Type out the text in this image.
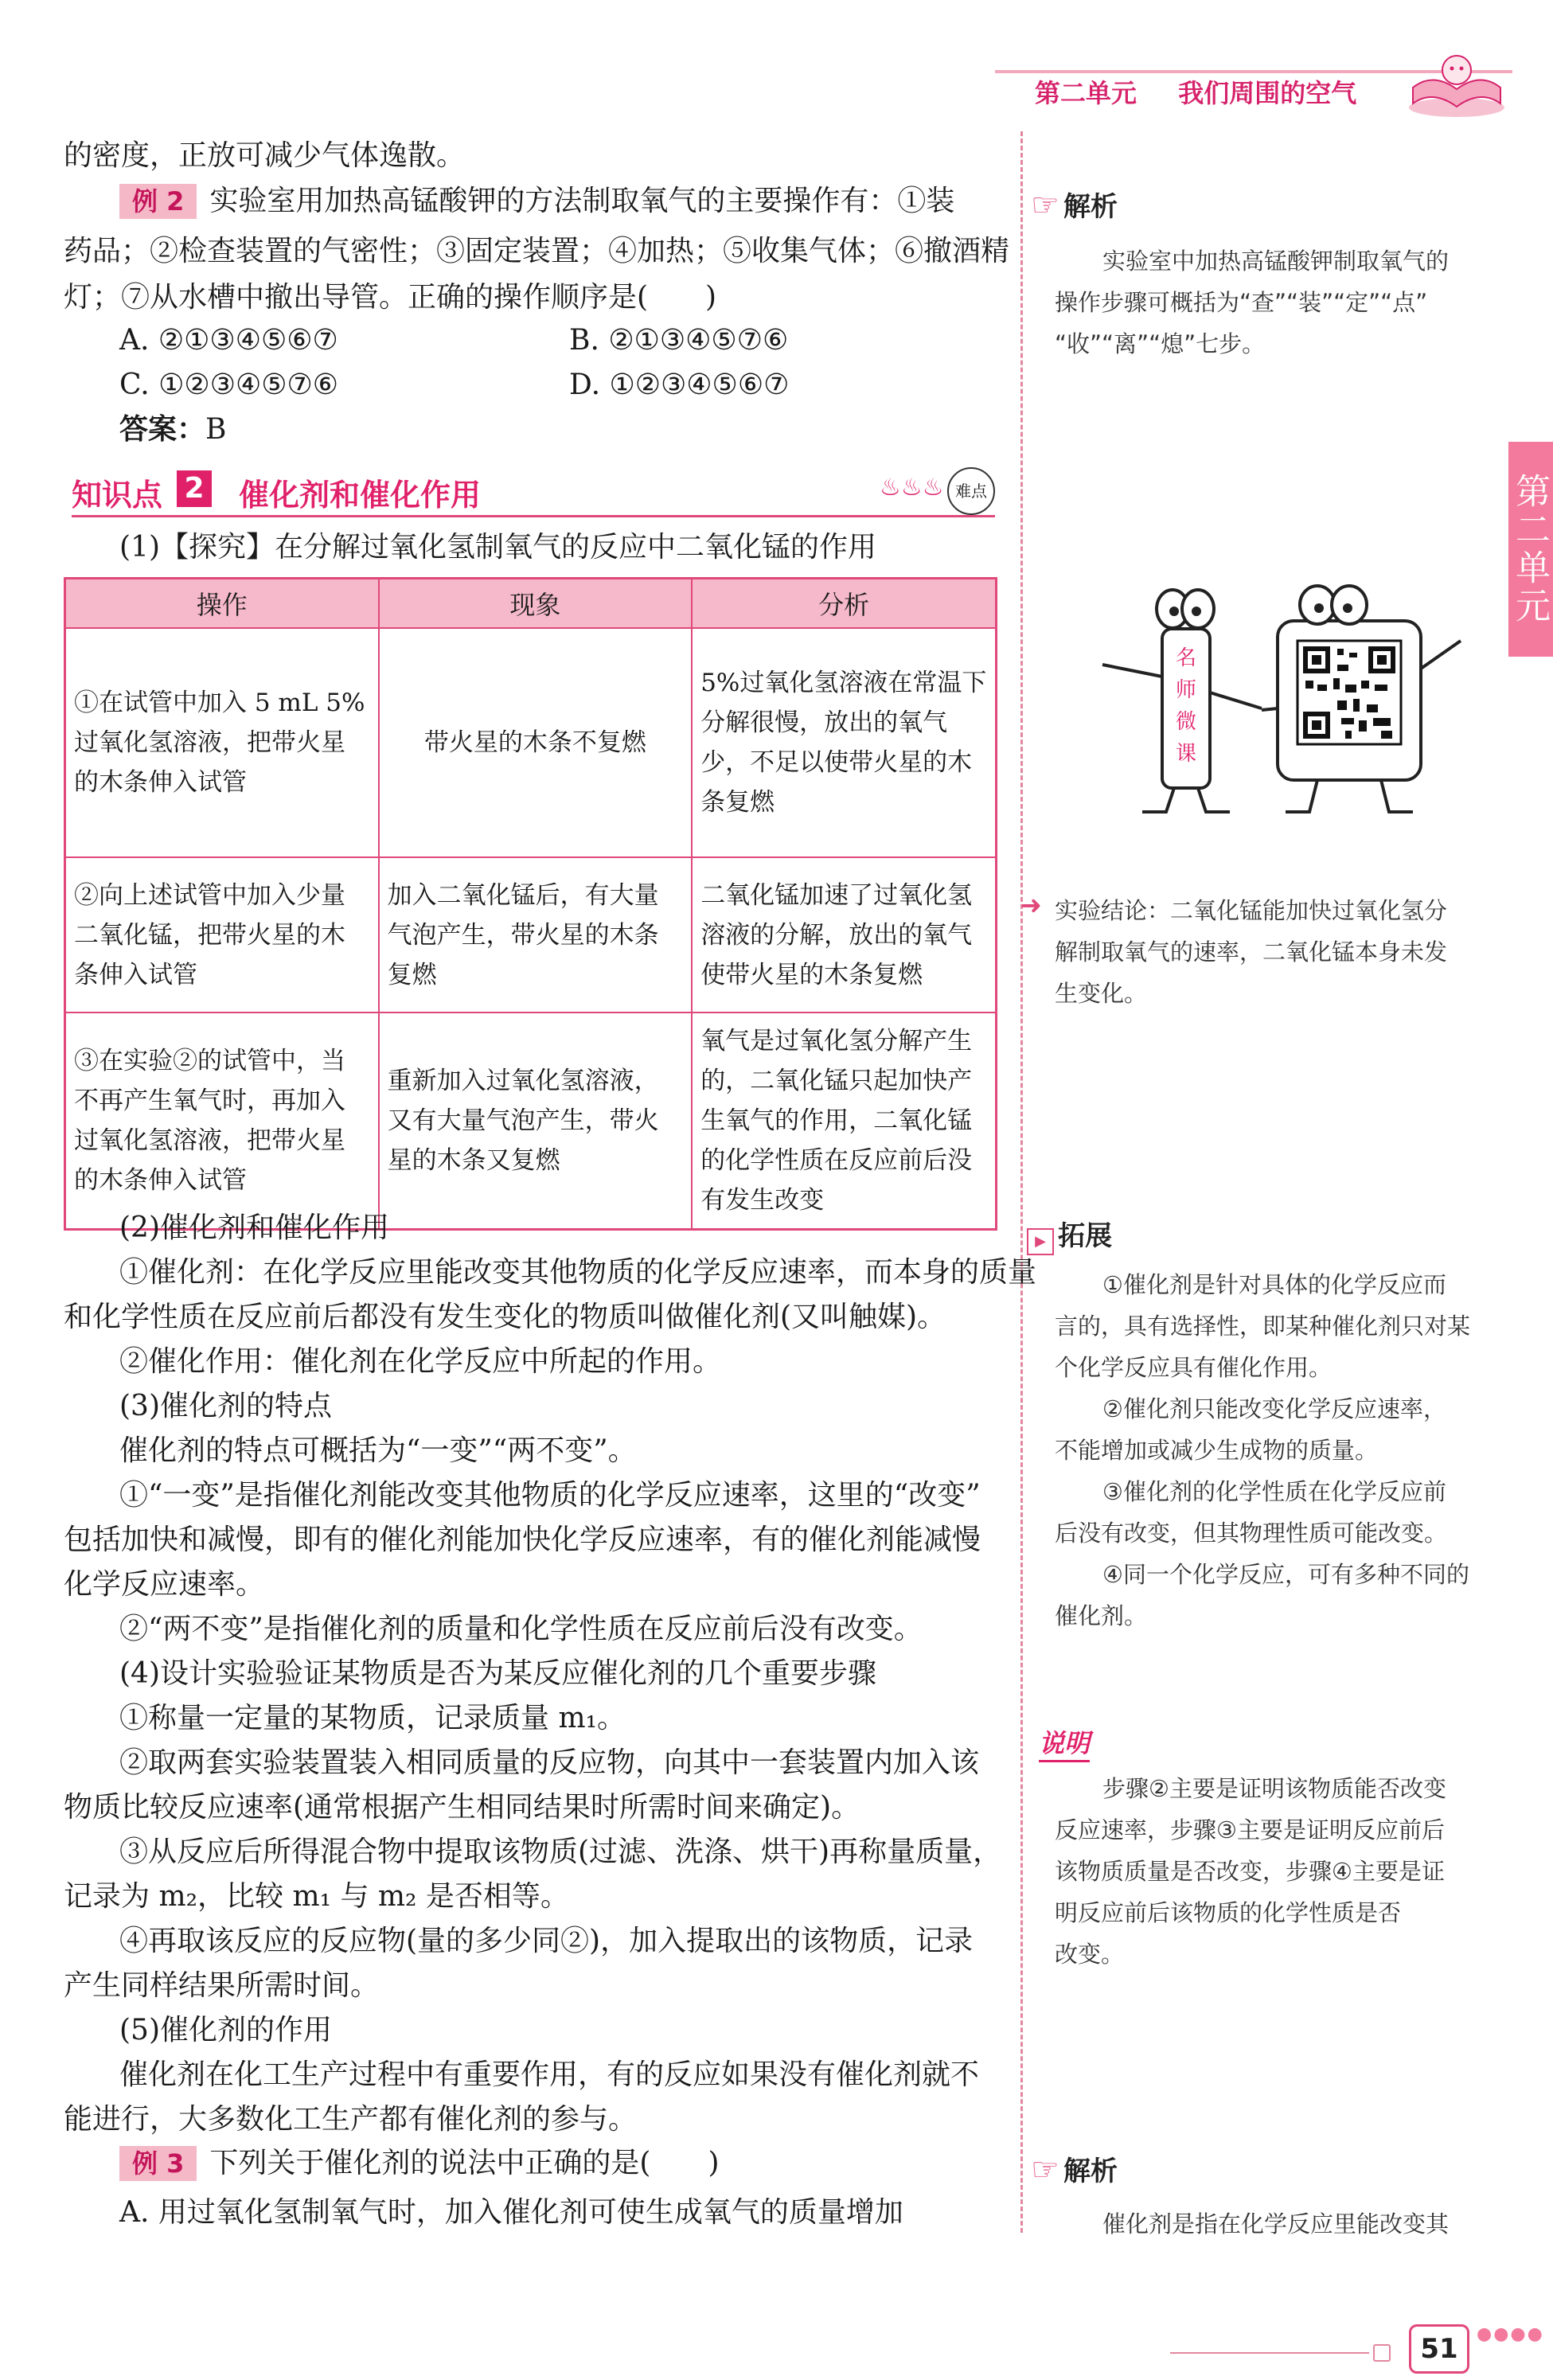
第二单元 我们周围的空气
第二单元
的密度，正放可减少气体逸散。
例 2 实验室用加热高锰酸钾的方法制取氧气的主要操作有：①装
药品；②检查装置的气密性；③固定装置；④加热；⑤收集气体；⑥撤酒精
灯；⑦从水槽中撤出导管。正确的操作顺序是(　　)
A. ②①③④⑤⑥⑦	B. ②①③④⑤⑦⑥
C. ①②③④⑤⑦⑥	D. ①②③④⑤⑥⑦
答案：B
知识点 2 催化剂和催化作用	♨♨♨ 难点
(1)【探究】在分解过氧化氢制氧气的反应中二氧化锰的作用
操作	现象	分析
①在试管中加入 5 mL 5%过氧化氢溶液，把带火星的木条伸入试管	带火星的木条不复燃	5%过氧化氢溶液在常温下分解很慢，放出的氧气少，不足以使带火星的木条复燃
②向上述试管中加入少量二氧化锰，把带火星的木条伸入试管	加入二氧化锰后，有大量气泡产生，带火星的木条复燃	二氧化锰加速了过氧化氢溶液的分解，放出的氧气使带火星的木条复燃
③在实验②的试管中，当不再产生氧气时，再加入过氧化氢溶液，把带火星的木条伸入试管	重新加入过氧化氢溶液，又有大量气泡产生，带火星的木条又复燃	氧气是过氧化氢分解产生的，二氧化锰只起加快产生氧气的作用，二氧化锰的化学性质在反应前后没有发生改变
(2)催化剂和催化作用
①催化剂：在化学反应里能改变其他物质的化学反应速率，而本身的质量
和化学性质在反应前后都没有发生变化的物质叫做催化剂(又叫触媒)。
②催化作用：催化剂在化学反应中所起的作用。
(3)催化剂的特点
催化剂的特点可概括为“一变”“两不变”。
①“一变”是指催化剂能改变其他物质的化学反应速率，这里的“改变”
包括加快和减慢，即有的催化剂能加快化学反应速率，有的催化剂能减慢
化学反应速率。
②“两不变”是指催化剂的质量和化学性质在反应前后没有改变。
(4)设计实验验证某物质是否为某反应催化剂的几个重要步骤
①称量一定量的某物质，记录质量 m₁。
②取两套实验装置装入相同质量的反应物，向其中一套装置内加入该
物质比较反应速率(通常根据产生相同结果时所需时间来确定)。
③从反应后所得混合物中提取该物质(过滤、洗涤、烘干)再称量质量，
记录为 m₂，比较 m₁ 与 m₂ 是否相等。
④再取该反应的反应物(量的多少同②)，加入提取出的该物质，记录
产生同样结果所需时间。
(5)催化剂的作用
催化剂在化工生产过程中有重要作用，有的反应如果没有催化剂就不
能进行，大多数化工生产都有催化剂的参与。
例 3 下列关于催化剂的说法中正确的是(　　)
A. 用过氧化氢制氧气时，加入催化剂可使生成氧气的质量增加
☞ 解析
实验室中加热高锰酸钾制取氧气的
操作步骤可概括为“查”“装”“定”“点”
“收”“离”“熄”七步。
名
师
微
课
➜ 实验结论：二氧化锰能加快过氧化氢分
解制取氧气的速率，二氧化锰本身未发
生变化。
▶ 拓展
①催化剂是针对具体的化学反应而
言的，具有选择性，即某种催化剂只对某
个化学反应具有催化作用。
②催化剂只能改变化学反应速率，
不能增加或减少生成物的质量。
③催化剂的化学性质在化学反应前
后没有改变，但其物理性质可能改变。
④同一个化学反应，可有多种不同的
催化剂。
说明
步骤②主要是证明该物质能否改变
反应速率，步骤③主要是证明反应前后
该物质质量是否改变，步骤④主要是证
明反应前后该物质的化学性质是否
改变。
☞ 解析
催化剂是指在化学反应里能改变其
51	●●●●
